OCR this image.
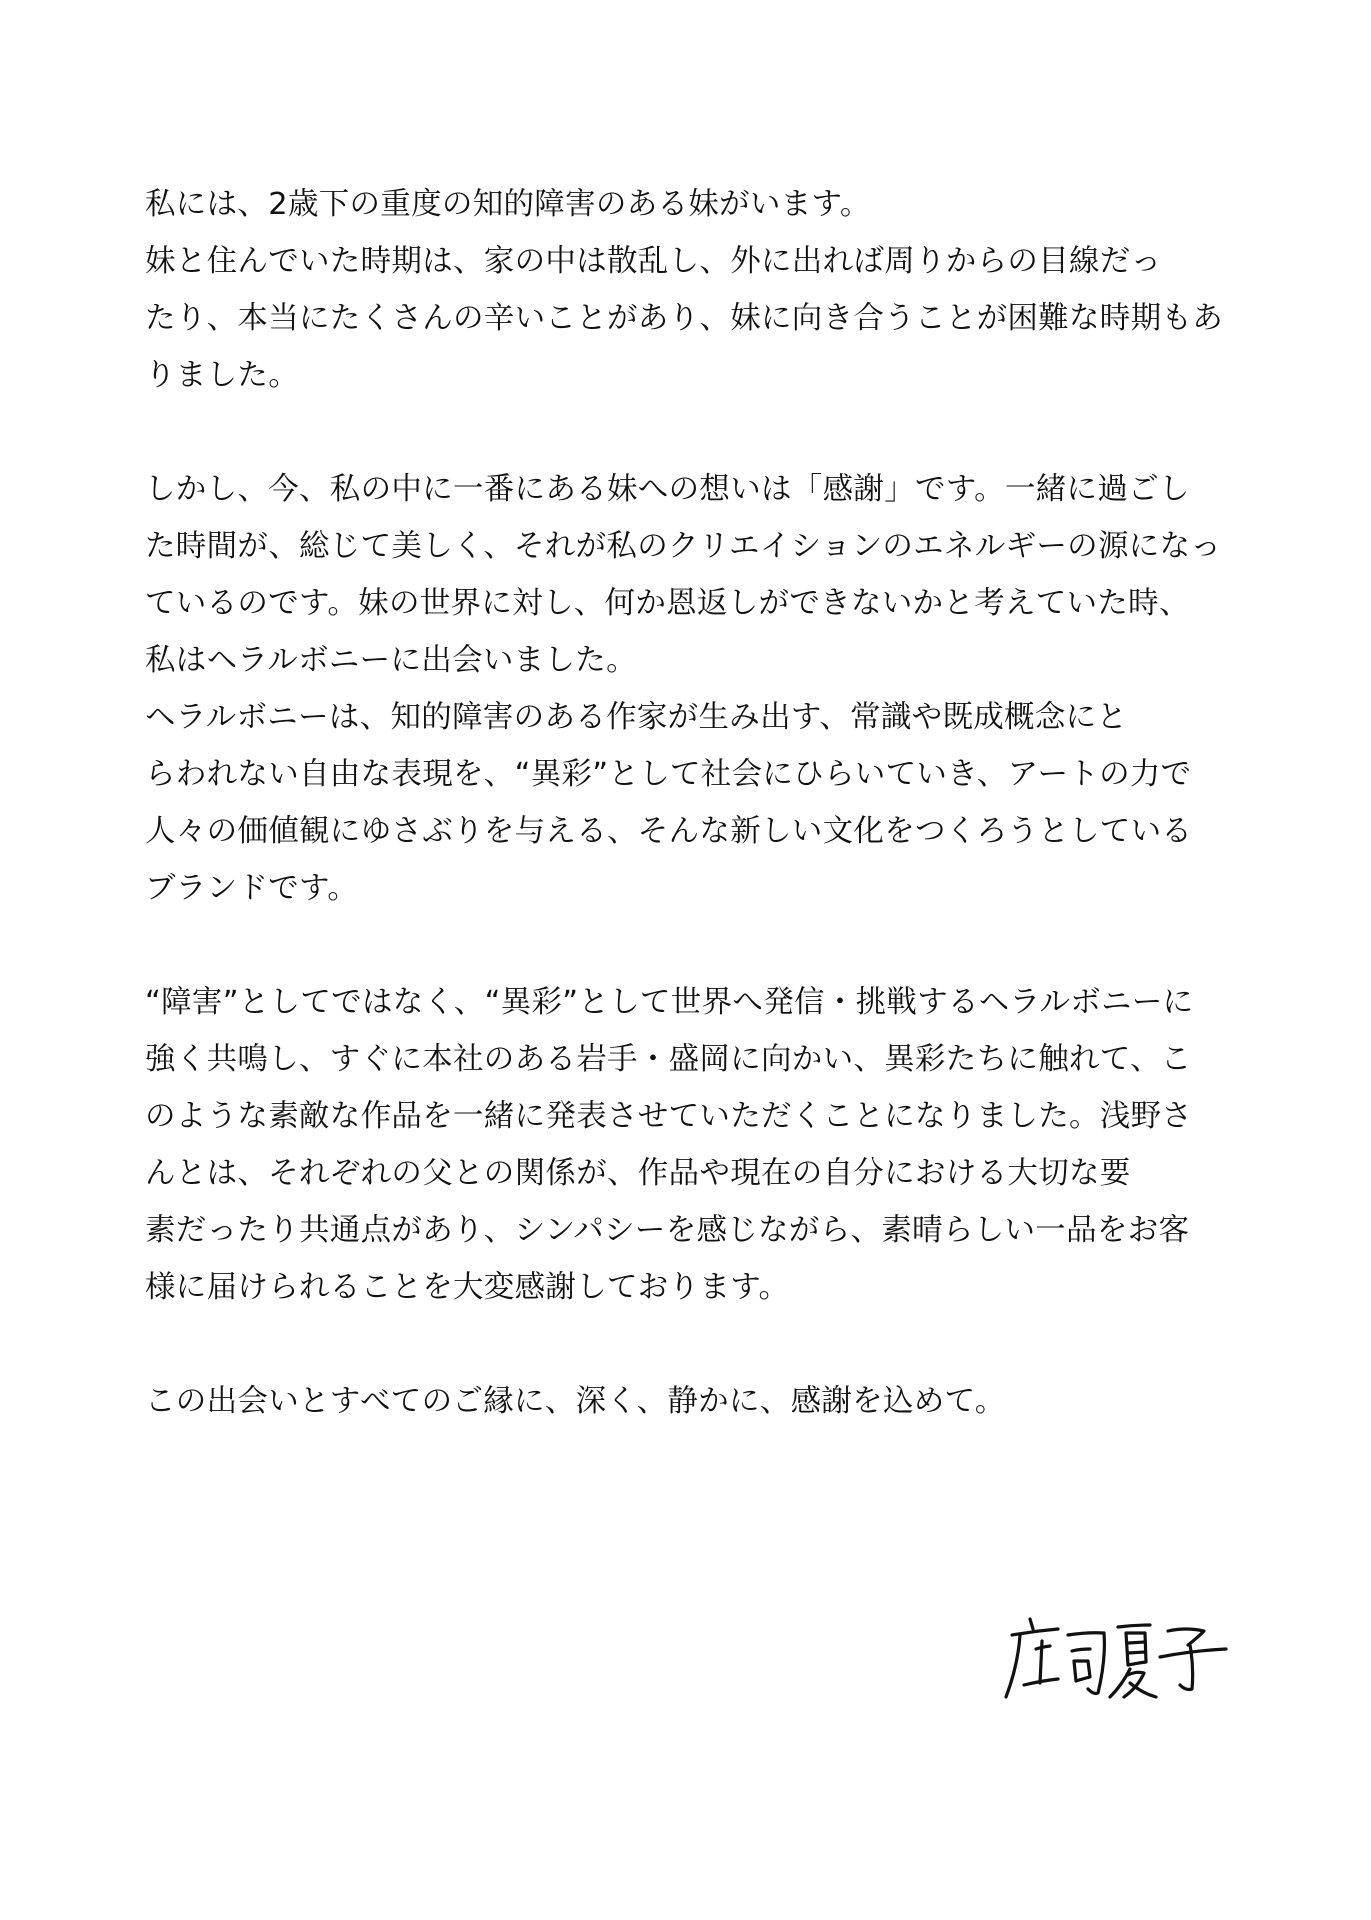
私には、2歳下の重度の知的障害のある妹がいます。
妹と住んでいた時期は、家の中は散乱し、外に出れば周りからの目線だっ
たり、本当にたくさんの辛いことがあり、妹に向き合うことが困難な時期もあ
りました。
しかし、今、私の中に一番にある妹への想いは「感謝」です。一緒に過ごし
た時間が、総じて美しく、それが私のクリエイションのエネルギーの源になっ
ているのです。妹の世界に対し、何か恩返しができないかと考えていた時、
私はヘラルボニーに出会いました。
ヘラルボニーは、知的障害のある作家が生み出す、常識や既成概念にと
らわれない自由な表現を、“異彩”として社会にひらいていき、アートの力で
人々の価値観にゆさぶりを与える、そんな新しい文化をつくろうとしている
ブランドです。
“障害”としてではなく、“異彩”として世界へ発信・挑戦するヘラルボニーに
強く共鳴し、すぐに本社のある岩手・盛岡に向かい、異彩たちに触れて、こ
のような素敵な作品を一緒に発表させていただくことになりました。浅野さ
んとは、それぞれの父との関係が、作品や現在の自分における大切な要
素だったり共通点があり、シンパシーを感じながら、素晴らしい一品をお客
様に届けられることを大変感謝しております。
この出会いとすべてのご縁に、深く、静かに、感謝を込めて。
